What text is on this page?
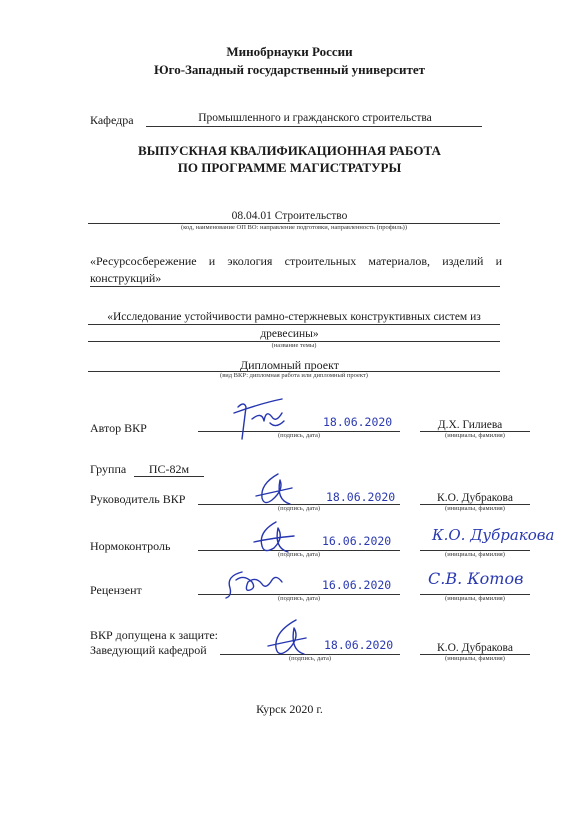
Минобрнауки России
Юго-Западный государственный университет
Кафедра	Промышленного и гражданского строительства
ВЫПУСКНАЯ КВАЛИФИКАЦИОННАЯ РАБОТА
ПО ПРОГРАММЕ МАГИСТРАТУРЫ
08.04.01 Строительство
(код, наименование ОП ВО: направление подготовки, направленность (профиль))
«Ресурсосбережение и экология строительных материалов, изделий и
конструкций»
«Исследование устойчивости рамно-стержневых конструктивных систем из
древесины»
(название темы)
Дипломный проект
(вид ВКР: дипломная работа или дипломный проект)
Автор ВКР
(подпись, дата)
18.06.2020	Д.Х. Гилиева
(инициалы, фамилия)
Группа	ПС-82м
Руководитель ВКР
(подпись, дата)
18.06.2020	К.О. Дубракова
(инициалы, фамилия)
Нормоконтроль
(подпись, дата)
16.06.2020	К.О. Дубракова
(инициалы, фамилия)
Рецензент
(подпись, дата)
16.06.2020 С.В. Котов
(инициалы, фамилия)
ВКР допущена к защите:
Заведующий кафедрой
(подпись, дата)
18.06.2020	К.О. Дубракова
(инициалы, фамилия)
Курск 2020 г.
